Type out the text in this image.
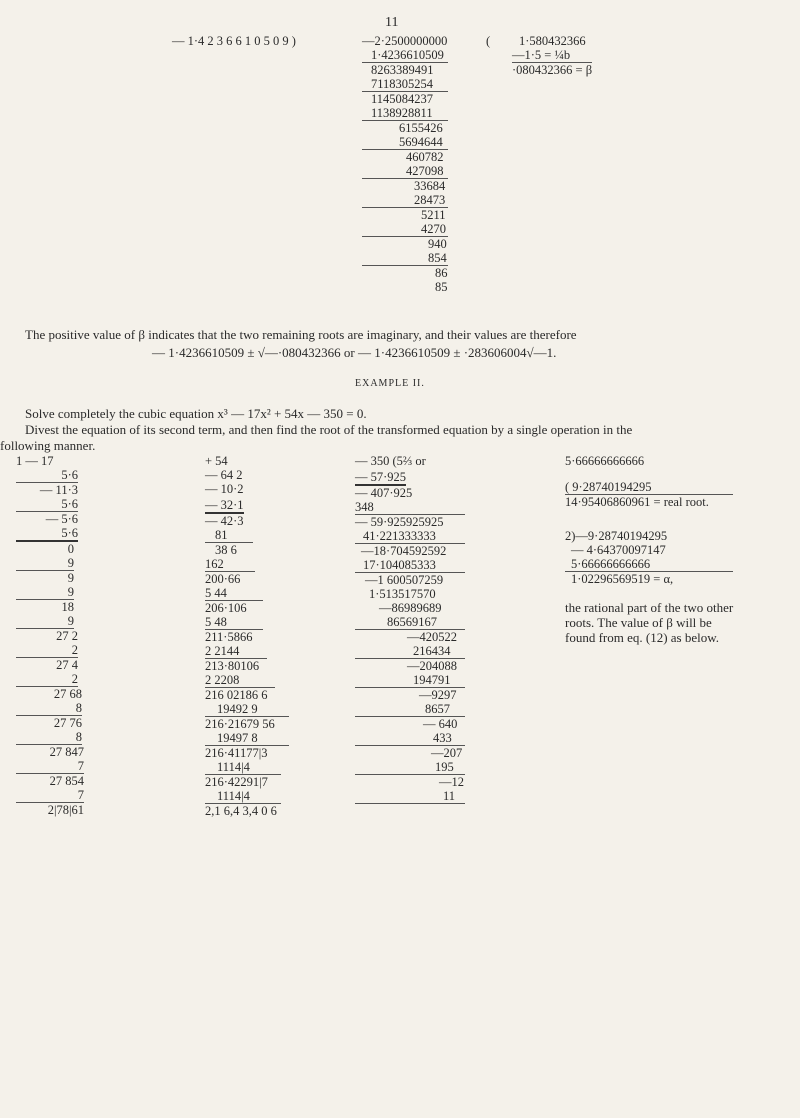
11
— 1·4 2 3 6 6 1 0 5 0 9 )	—2·2500000000
1·4236610509
8263389491
7118305254
1145084237
1138928811
6155426
5694644
460782
427098
33684
28473
5211
4270
940
854
86
85
(	1·580432366
—1·5 = ¼b
·080432366 = β
The positive value of β indicates that the two remaining roots are imaginary, and their values are therefore
— 1·4236610509 ± √—·080432366 or — 1·4236610509 ± ·283606004√—1.
EXAMPLE II.
Solve completely the cubic equation x³ — 17x² + 54x — 350 = 0.
Divest the equation of its second term, and then find the root of the transformed equation by a single operation in the
following manner.
1 — 17
5·6
— 11·3
5·6
— 5·6
5·6
0
9
9
9
18
9
27 2
2
27 4
2
27 68
8
27 76
8
27 847
7
27 854
7
2|78|61
+ 54
— 64 2
— 10·2
— 32·1
— 42·3
81
38 6
162
200·66
5 44
206·106
5 48
211·5866
2 2144
213·80106
2 2208
216 02186 6
19492 9
216·21679 56
19497 8
216·41177|3
1114|4
216·42291|7
1114|4
2,1 6,4 3,4 0 6
— 350 (5⅔ or
— 57·925
— 407·925
348
— 59·925925925
41·221333333
—18·704592592
17·104085333
—1 600507259
1·513517570
—86989689
86569167
—420522
216434
—204088
194791
—9297
8657
— 640
433
—207
195
—12
11
5·66666666666
( 9·28740194295
14·95406860961 = real root.
2)—9·28740194295
— 4·64370097147
5·66666666666
1·02296569519 = α,
the rational part of the two other
roots. The value of β will be
found from eq. (12) as below.
